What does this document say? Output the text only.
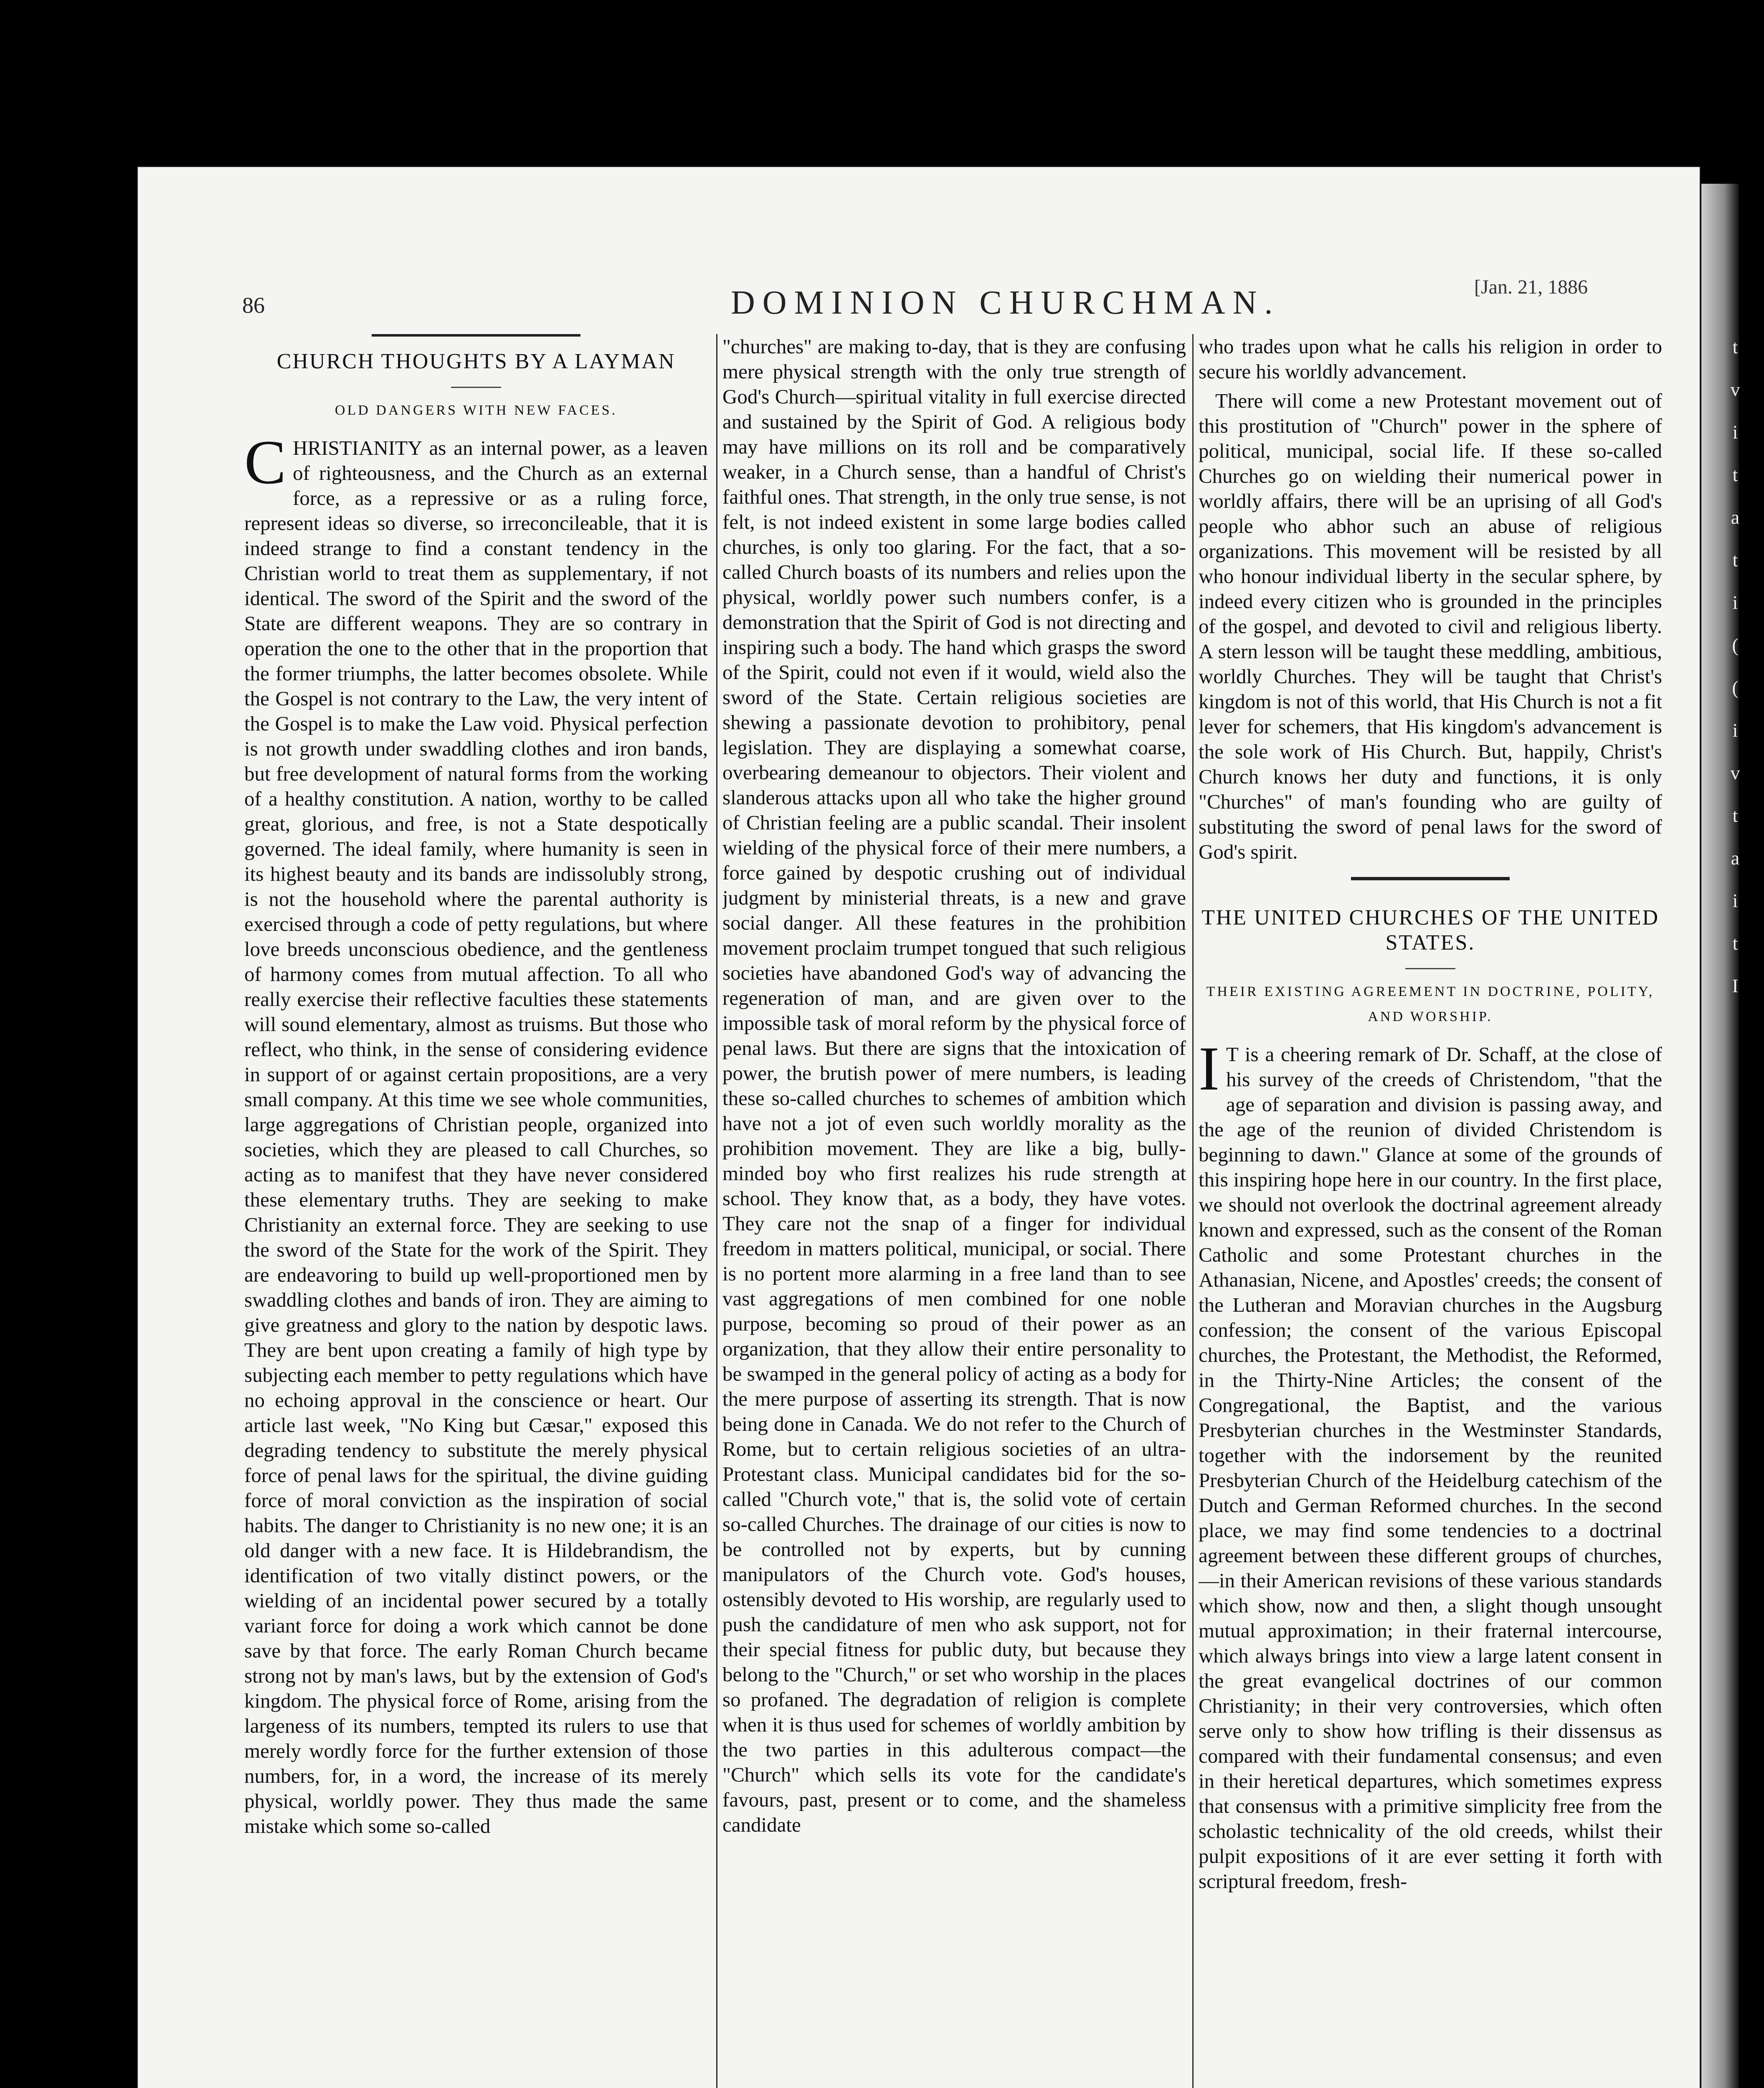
86	DOMINION CHURCHMAN.	[Jan. 21, 1886
CHURCH THOUGHTS BY A LAYMAN
OLD DANGERS WITH NEW FACES.

CHRISTIANITY as an internal power, as a leaven of righteousness, and the Church as an external force, as a repressive or as a ruling force, represent ideas so diverse, so irreconcileable, that it is indeed strange to find a constant tendency in the Christian world to treat them as supplementary, if not identical. The sword of the Spirit and the sword of the State are different weapons. They are so contrary in operation the one to the other that in the proportion that the former triumphs, the latter becomes obsolete. While the Gospel is not contrary to the Law, the very intent of the Gospel is to make the Law void. Physical perfection is not growth under swaddling clothes and iron bands, but free development of natural forms from the working of a healthy constitution. A nation, worthy to be called great, glorious, and free, is not a State despotically governed. The ideal family, where humanity is seen in its highest beauty and its bands are indissolubly strong, is not the household where the parental authority is exercised through a code of petty regulations, but where love breeds unconscious obedience, and the gentleness of harmony comes from mutual affection. To all who really exercise their reflective faculties these statements will sound elementary, almost as truisms. But those who reflect, who think, in the sense of considering evidence in support of or against certain propositions, are a very small company. At this time we see whole communities, large aggregations of Christian people, organized into societies, which they are pleased to call Churches, so acting as to manifest that they have never considered these elementary truths. They are seeking to make Christianity an external force. They are seeking to use the sword of the State for the work of the Spirit. They are endeavoring to build up well-proportioned men by swaddling clothes and bands of iron. They are aiming to give greatness and glory to the nation by despotic laws. They are bent upon creating a family of high type by subjecting each member to petty regulations which have no echoing approval in the conscience or heart. Our article last week, "No King but Cæsar," exposed this degrading tendency to substitute the merely physical force of penal laws for the spiritual, the divine guiding force of moral conviction as the inspiration of social habits. The danger to Christianity is no new one; it is an old danger with a new face. It is Hildebrandism, the identification of two vitally distinct powers, or the wielding of an incidental power secured by a totally variant force for doing a work which cannot be done save by that force. The early Roman Church became strong not by man's laws, but by the extension of God's kingdom. The physical force of Rome, arising from the largeness of its numbers, tempted its rulers to use that merely wordly force for the further extension of those numbers, for, in a word, the increase of its merely physical, worldly power. They thus made the same mistake which some so-called

"churches" are making to-day, that is they are confusing mere physical strength with the only true strength of God's Church—spiritual vitality in full exercise directed and sustained by the Spirit of God. A religious body may have millions on its roll and be comparatively weaker, in a Church sense, than a handful of Christ's faithful ones. That strength, in the only true sense, is not felt, is not indeed existent in some large bodies called churches, is only too glaring. For the fact, that a so-called Church boasts of its numbers and relies upon the physical, worldly power such numbers confer, is a demonstration that the Spirit of God is not directing and inspiring such a body. The hand which grasps the sword of the Spirit, could not even if it would, wield also the sword of the State. Certain religious societies are shewing a passionate devotion to prohibitory, penal legislation. They are displaying a somewhat coarse, overbearing demeanour to objectors. Their violent and slanderous attacks upon all who take the higher ground of Christian feeling are a public scandal. Their insolent wielding of the physical force of their mere numbers, a force gained by despotic crushing out of individual judgment by ministerial threats, is a new and grave social danger. All these features in the prohibition movement proclaim trumpet tongued that such religious societies have abandoned God's way of advancing the regeneration of man, and are given over to the impossible task of moral reform by the physical force of penal laws. But there are signs that the intoxication of power, the brutish power of mere numbers, is leading these so-called churches to schemes of ambition which have not a jot of even such worldly morality as the prohibition movement. They are like a big, bully-minded boy who first realizes his rude strength at school. They know that, as a body, they have votes. They care not the snap of a finger for individual freedom in matters political, municipal, or social. There is no portent more alarming in a free land than to see vast aggregations of men combined for one noble purpose, becoming so proud of their power as an organization, that they allow their entire personality to be swamped in the general policy of acting as a body for the mere purpose of asserting its strength. That is now being done in Canada. We do not refer to the Church of Rome, but to certain religious societies of an ultra-Protestant class. Municipal candidates bid for the so-called "Church vote," that is, the solid vote of certain so-called Churches. The drainage of our cities is now to be controlled not by experts, but by cunning manipulators of the Church vote. God's houses, ostensibly devoted to His worship, are regularly used to push the candidature of men who ask support, not for their special fitness for public duty, but because they belong to the "Church," or set who worship in the places so profaned. The degradation of religion is complete when it is thus used for schemes of worldly ambition by the two parties in this adulterous compact—the "Church" which sells its vote for the candidate's favours, past, present or to come, and the shameless candidate

who trades upon what he calls his religion in order to secure his worldly advancement.

There will come a new Protestant movement out of this prostitution of "Church" power in the sphere of political, municipal, social life. If these so-called Churches go on wielding their numerical power in worldly affairs, there will be an uprising of all God's people who abhor such an abuse of religious organizations. This movement will be resisted by all who honour individual liberty in the secular sphere, by indeed every citizen who is grounded in the principles of the gospel, and devoted to civil and religious liberty. A stern lesson will be taught these meddling, ambitious, worldly Churches. They will be taught that Christ's kingdom is not of this world, that His Church is not a fit lever for schemers, that His kingdom's advancement is the sole work of His Church. But, happily, Christ's Church knows her duty and functions, it is only "Churches" of man's founding who are guilty of substituting the sword of penal laws for the sword of God's spirit.

THE UNITED CHURCHES OF THE UNITED STATES.
THEIR EXISTING AGREEMENT IN DOCTRINE, POLITY, AND WORSHIP.

I T is a cheering remark of Dr. Schaff, at the close of his survey of the creeds of Christendom, "that the age of separation and division is passing away, and the age of the reunion of divided Christendom is beginning to dawn." Glance at some of the grounds of this inspiring hope here in our country. In the first place, we should not overlook the doctrinal agreement already known and expressed, such as the consent of the Roman Catholic and some Protestant churches in the Athanasian, Nicene, and Apostles' creeds; the consent of the Lutheran and Moravian churches in the Augsburg confession; the consent of the various Episcopal churches, the Protestant, the Methodist, the Reformed, in the Thirty-Nine Articles; the consent of the Congregational, the Baptist, and the various Presbyterian churches in the Westminster Standards, together with the indorsement by the reunited Presbyterian Church of the Heidelburg catechism of the Dutch and German Reformed churches. In the second place, we may find some tendencies to a doctrinal agreement between these different groups of churches,—in their American revisions of these various standards which show, now and then, a slight though unsought mutual approximation; in their fraternal intercourse, which always brings into view a large latent consent in the great evangelical doctrines of our common Christianity; in their very controversies, which often serve only to show how trifling is their dissensus as compared with their fundamental consensus; and even in their heretical departures, which sometimes express that consensus with a primitive simplicity free from the scholastic technicality of the old creeds, whilst their pulpit expositions of it are ever setting it forth with scriptural freedom, fresh-

t
v
i
t
a
t
i
(
(
i
v
t
a
i
t
I
